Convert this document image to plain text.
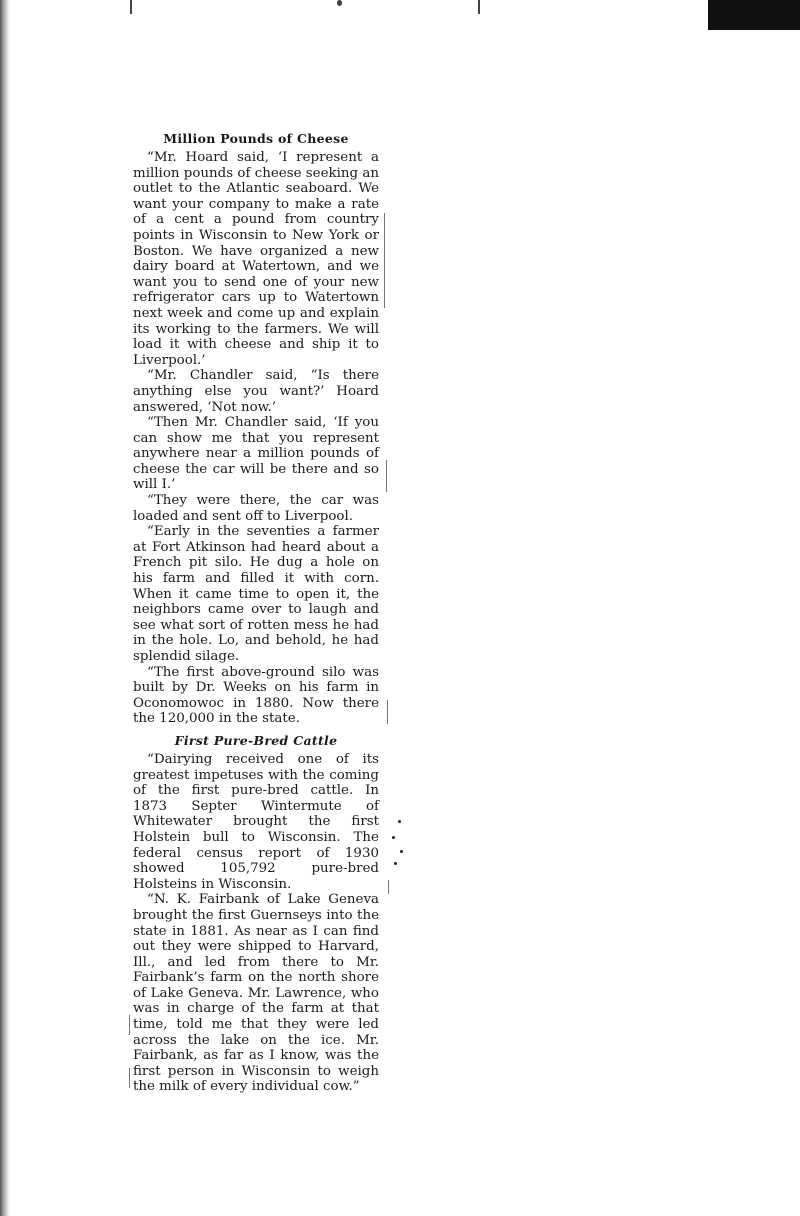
Million Pounds of Cheese

“Mr. Hoard said, ‘I represent a million pounds of cheese seeking an outlet to the Atlantic seaboard. We want your company to make a rate of a cent a pound from country points in Wisconsin to New York or Boston. We have organized a new dairy board at Watertown, and we want you to send one of your new refrigerator cars up to Watertown next week and come up and explain its working to the farmers. We will load it with cheese and ship it to Liverpool.’

“Mr. Chandler said, “Is there anything else you want?’ Hoard answered, ‘Not now.’

“Then Mr. Chandler said, ‘If you can show me that you represent anywhere near a million pounds of cheese the car will be there and so will I.’

“They were there, the car was loaded and sent off to Liverpool.

“Early in the seventies a farmer at Fort Atkinson had heard about a French pit silo. He dug a hole on his farm and filled it with corn. When it came time to open it, the neighbors came over to laugh and see what sort of rotten mess he had in the hole. Lo, and behold, he had splendid silage.

“The first above-ground silo was built by Dr. Weeks on his farm in Oconomowoc in 1880. Now there the 120,000 in the state.

First Pure-Bred Cattle

“Dairying received one of its greatest impetuses with the coming of the first pure-bred cattle. In 1873 Septer Wintermute of Whitewater brought the first Holstein bull to Wisconsin. The federal census report of 1930 showed 105,792 pure-bred Holsteins in Wisconsin.

“N. K. Fairbank of Lake Geneva brought the first Guernseys into the state in 1881. As near as I can find out they were shipped to Harvard, Ill., and led from there to Mr. Fairbank’s farm on the north shore of Lake Geneva. Mr. Lawrence, who was in charge of the farm at that time, told me that they were led across the lake on the ice. Mr. Fairbank, as far as I know, was the first person in Wisconsin to weigh the milk of every individual cow.”
